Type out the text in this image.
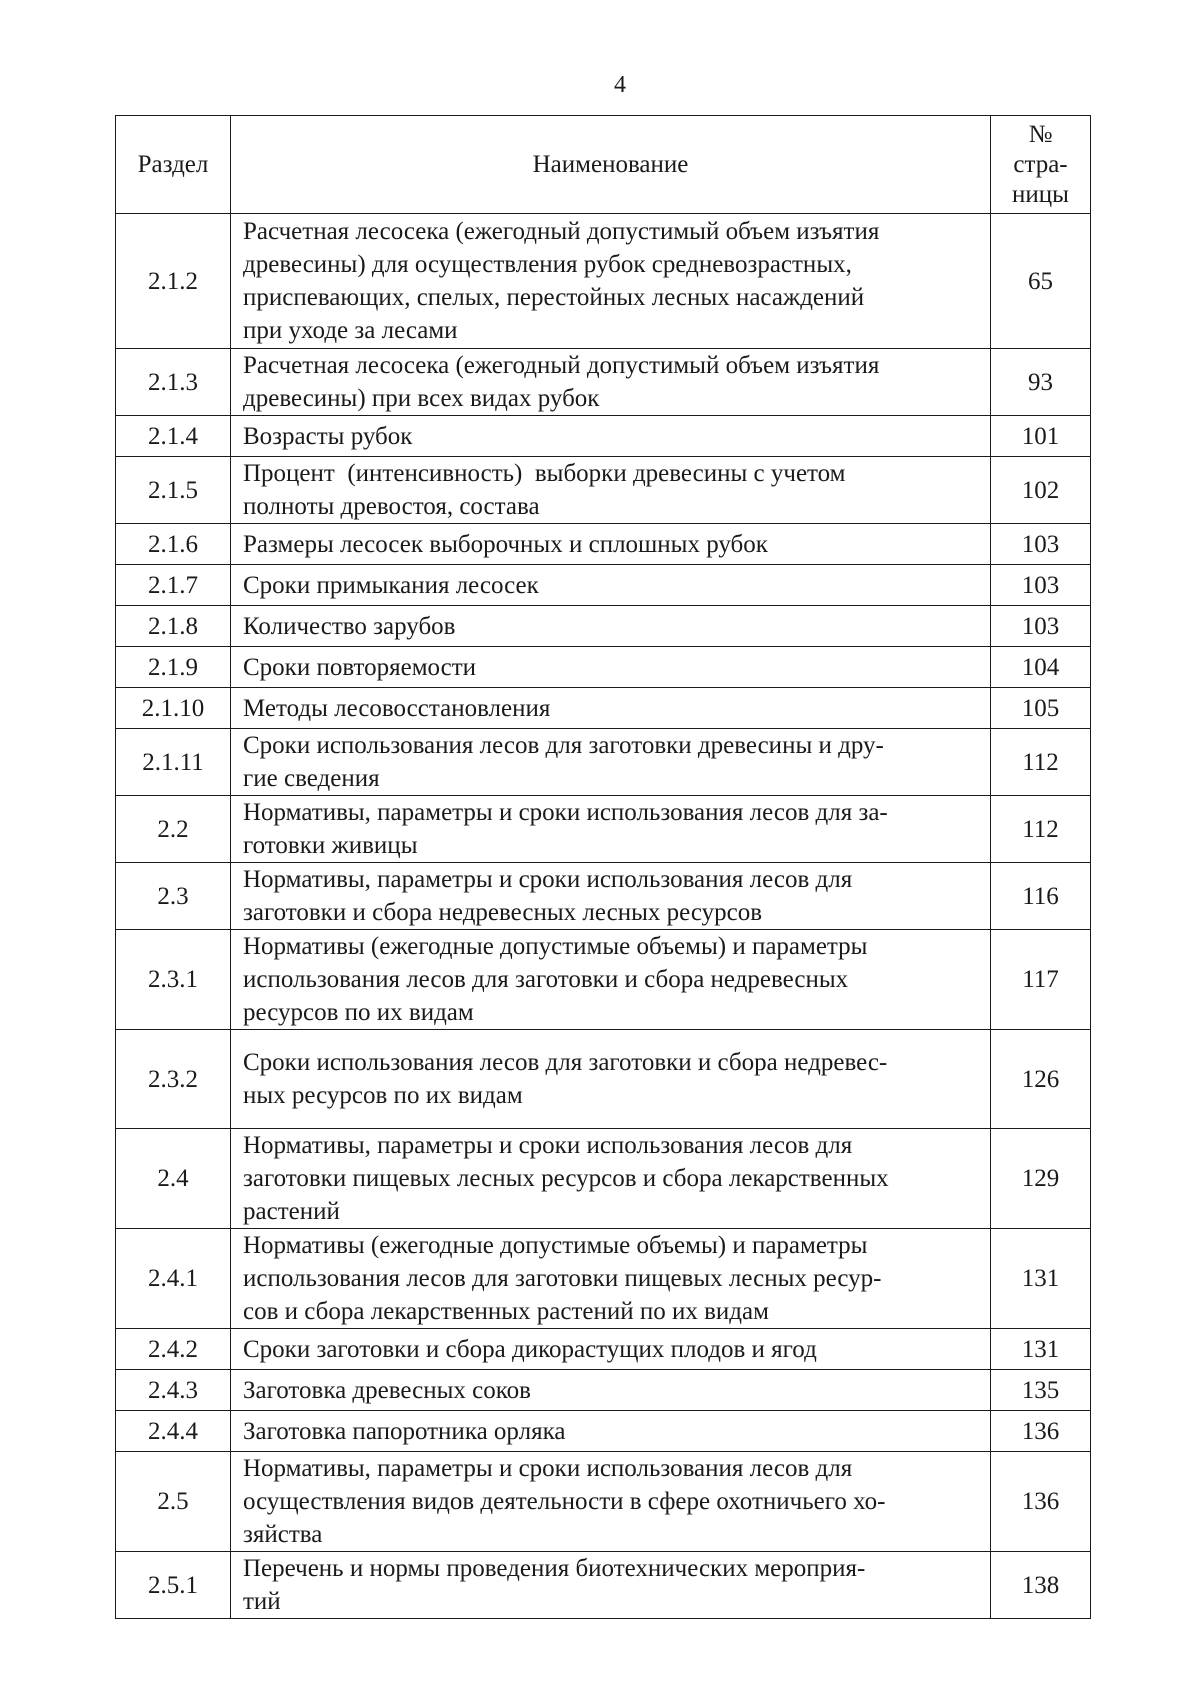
4
Раздел	Наименование	№
стра-
ницы

2.1.2	Расчетная лесосека (ежегодный допустимый объем изъятия
древесины) для осуществления рубок средневозрастных,
приспевающих, спелых, перестойных лесных насаждений
при уходе за лесами	65
2.1.3	Расчетная лесосека (ежегодный допустимый объем изъятия
древесины) при всех видах рубок	93
2.1.4	Возрасты рубок	101
2.1.5	Процент  (интенсивность)  выборки древесины с учетом
полноты древостоя, состава	102
2.1.6	Размеры лесосек выборочных и сплошных рубок	103
2.1.7	Сроки примыкания лесосек	103
2.1.8	Количество зарубов	103
2.1.9	Сроки повторяемости	104
2.1.10	Методы лесовосстановления	105
2.1.11	Сроки использования лесов для заготовки древесины и дру-
гие сведения	112
2.2	Нормативы, параметры и сроки использования лесов для за-
готовки живицы	112
2.3	Нормативы, параметры и сроки использования лесов для
заготовки и сбора недревесных лесных ресурсов	116
2.3.1	Нормативы (ежегодные допустимые объемы) и параметры
использования лесов для заготовки и сбора недревесных
ресурсов по их видам	117
2.3.2	Сроки использования лесов для заготовки и сбора недревес-
ных ресурсов по их видам	126
2.4	Нормативы, параметры и сроки использования лесов для
заготовки пищевых лесных ресурсов и сбора лекарственных
растений	129
2.4.1	Нормативы (ежегодные допустимые объемы) и параметры
использования лесов для заготовки пищевых лесных ресур-
сов и сбора лекарственных растений по их видам	131
2.4.2	Сроки заготовки и сбора дикорастущих плодов и ягод	131
2.4.3	Заготовка древесных соков	135
2.4.4	Заготовка папоротника орляка	136
2.5	Нормативы, параметры и сроки использования лесов для
осуществления видов деятельности в сфере охотничьего хо-
зяйства	136
2.5.1	Перечень и нормы проведения биотехнических мероприя-
тий	138
